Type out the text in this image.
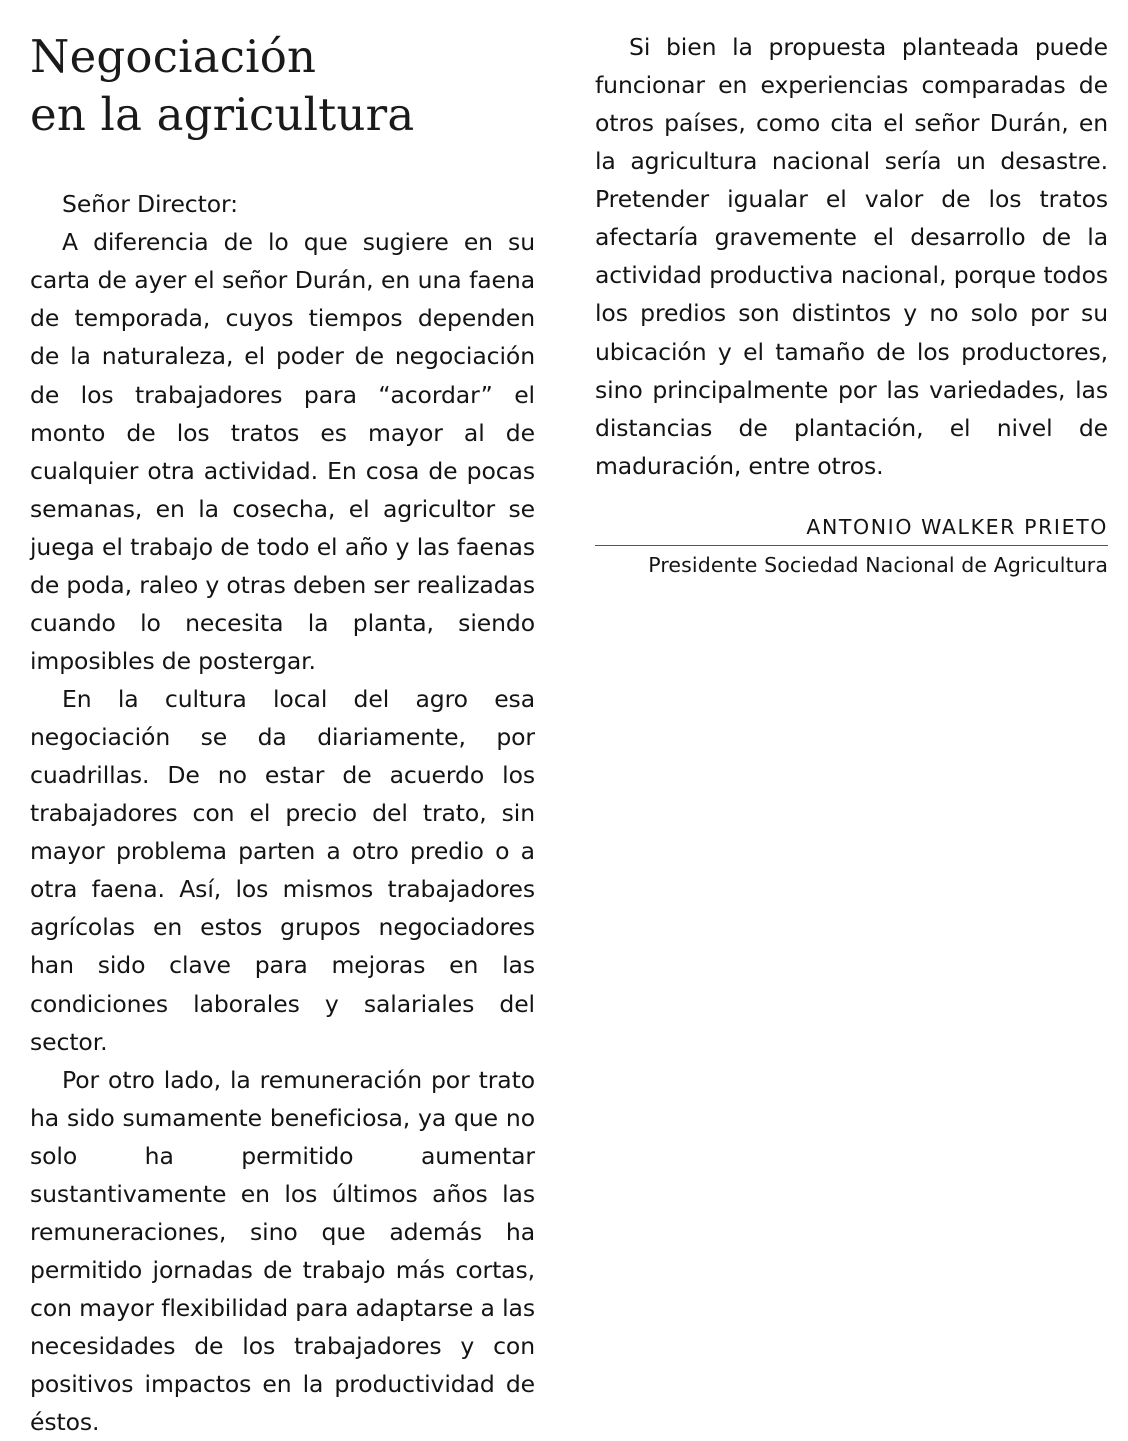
Negociación
en la agricultura

Señor Director:

A diferencia de lo que sugiere en su carta de ayer el señor Durán, en una faena de temporada, cuyos tiempos dependen de la naturaleza, el poder de negociación de los trabajadores para “acordar” el monto de los tratos es mayor al de cualquier otra actividad. En cosa de pocas semanas, en la cosecha, el agricultor se juega el trabajo de todo el año y las faenas de poda, raleo y otras deben ser realizadas cuando lo necesita la planta, siendo imposibles de postergar.

En la cultura local del agro esa negociación se da diariamente, por cuadrillas. De no estar de acuerdo los trabajadores con el precio del trato, sin mayor problema parten a otro predio o a otra faena. Así, los mismos trabajadores agrícolas en estos grupos negociadores han sido clave para mejoras en las condiciones laborales y salariales del sector.

Por otro lado, la remuneración por trato ha sido sumamente beneficiosa, ya que no solo ha permitido aumentar sustantivamente en los últimos años las remuneraciones, sino que además ha permitido jornadas de trabajo más cortas, con mayor flexibilidad para adaptarse a las necesidades de los trabajadores y con positivos impactos en la productividad de éstos.

Si bien la propuesta planteada puede funcionar en experiencias comparadas de otros países, como cita el señor Durán, en la agricultura nacional sería un desastre. Pretender igualar el valor de los tratos afectaría gravemente el desarrollo de la actividad productiva nacional, porque todos los predios son distintos y no solo por su ubicación y el tamaño de los productores, sino principalmente por las variedades, las distancias de plantación, el nivel de maduración, entre otros.

ANTONIO WALKER PRIETO
Presidente Sociedad Nacional de Agricultura
